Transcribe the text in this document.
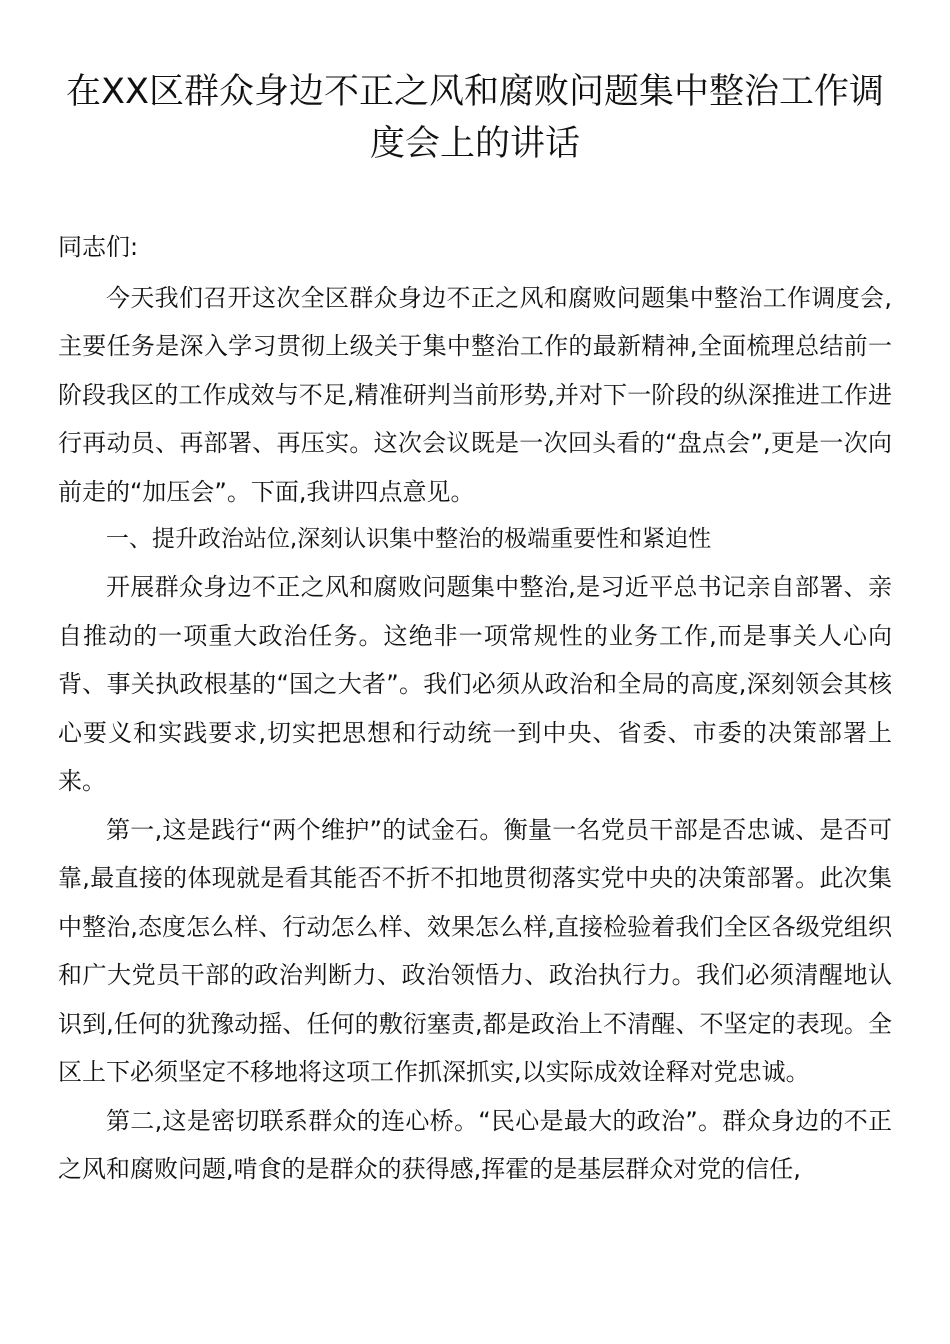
在XX区群众身边不正之风和腐败问题集中整治工作调度会上的讲话

同志们:

今天我们召开这次全区群众身边不正之风和腐败问题集中整治工作调度会,主要任务是深入学习贯彻上级关于集中整治工作的最新精神,全面梳理总结前一阶段我区的工作成效与不足,精准研判当前形势,并对下一阶段的纵深推进工作进行再动员、再部署、再压实。这次会议既是一次回头看的“盘点会”,更是一次向前走的“加压会”。下面,我讲四点意见。

一、提升政治站位,深刻认识集中整治的极端重要性和紧迫性

开展群众身边不正之风和腐败问题集中整治,是习近平总书记亲自部署、亲自推动的一项重大政治任务。这绝非一项常规性的业务工作,而是事关人心向背、事关执政根基的“国之大者”。我们必须从政治和全局的高度,深刻领会其核心要义和实践要求,切实把思想和行动统一到中央、省委、市委的决策部署上来。

第一,这是践行“两个维护”的试金石。衡量一名党员干部是否忠诚、是否可靠,最直接的体现就是看其能否不折不扣地贯彻落实党中央的决策部署。此次集中整治,态度怎么样、行动怎么样、效果怎么样,直接检验着我们全区各级党组织和广大党员干部的政治判断力、政治领悟力、政治执行力。我们必须清醒地认识到,任何的犹豫动摇、任何的敷衍塞责,都是政治上不清醒、不坚定的表现。全区上下必须坚定不移地将这项工作抓深抓实,以实际成效诠释对党忠诚。

第二,这是密切联系群众的连心桥。“民心是最大的政治”。群众身边的不正之风和腐败问题,啃食的是群众的获得感,挥霍的是基层群众对党的信任,
